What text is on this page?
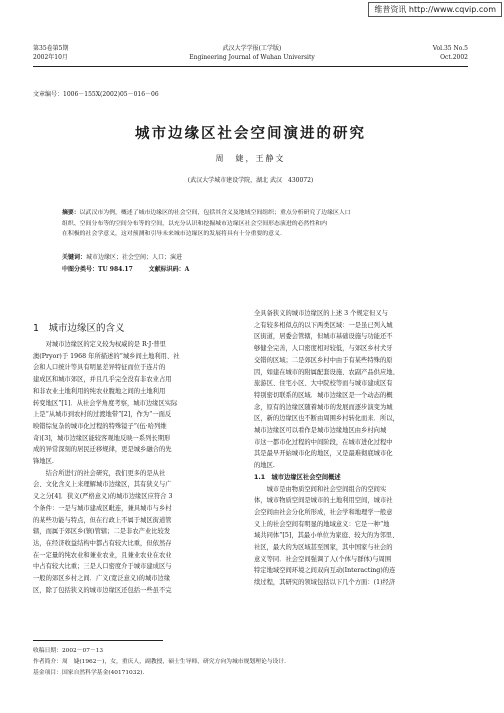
维普资讯 http://www.cqvip.com
第35卷第5期
2002年10月
武汉大学学报(工学版)
Engineering Journal of Wuhan University
Vol.35 No.5
Oct.2002
文章编号：1006－155X(2002)05－016－06
城市边缘区社会空间演进的研究
周　婕，王静文
(武汉大学城市建设学院，湖北 武汉　430072)
摘要：以武汉市为例，概述了城市边缘区的社会空间，包括其含义及地域空间组织；重点分析研究了边缘区人口
组织、空间分布等的空间分布等的空间，以充分认识和挖掘城市边缘区社会空间形态演进的必然性和内
在积极的社会学意义，这对预测和引导未来城市边缘区的发展将具有十分重要的意义.
关键词：城市边缘区；社会空间；人口；演进
中图分类号：TU 984.17	文献标识码：A
1　城市边缘区的含义
　　对城市边缘区的定义较为权威的是 R·J·普里
澳(Pryor)于 1968 年所描述的“城乡间土地利用、社
会和人口统计等具有明显差异特征而位于连片的
建成区和城市郊区，并且几乎完全没有非农业占用
和非农业土地利用的纯农业腹地之间的土地利用
转变地区”[1]．从社会学角度考察，城市边缘区实际
上是“从城市到农村的过渡地带”[2]，作为“一面反
映错综复杂的城市化过程的特殊镜子”(伍·哈列维
奇)[3]，城市边缘区能较客观地反映一系列长期形
成的异常深刻的居民迁移规律，更是城乡融合的先
锋地区.
　　结合所进行的社会研究，我们更多的是从社
会、文化含义上来理解城市边缘区，其有狭义与广
义之分[4]．狭义(严格意义)的城市边缘区应符合 3
个条件：一是与城市建成区毗连，兼具城市与乡村
的某些功能与特点，但在行政上不属于城区街道管
辖，而属于郊区乡(镇)管辖；二是非农产业比较发
达，在经济收益结构中都占有较大比重，但依然存
在一定量的纯农业和兼业农业，且兼业农业在农业
中占有较大比重；三是人口密度介于城市建成区与
一般的郊区乡村之间．广义(宽泛意义)的城市边缘
区，除了包括狭义的城市边缘区还包括一些虽不完
全具备狭义的城市边缘区的上述 3 个规定但又与
之有较多相似点的以下两类区域：一是虽已列入城
区街道，居委会管辖，但城市基础设施与功能还不
够健全完善，人口密度相对较低，与郊区乡村犬牙
交错的区域；二是郊区乡村中由于有某些特殊的原
因，如建在城市的附属配套设施、农副产品供应地、
旅游区、住宅小区、大中院校等而与城市建成区有
特别密切联系的区域．城市边缘区是一个动态的概
念，原有的边缘区随着城市的发展而逐步演变为城
区，新的边缘区也不断由周围乡村转化而来．所以，
城市边缘区可以看作是城市边缘地区由乡村向城
市这一都市化过程的中间阶段，在城市进化过程中
其是最早开始城市化的地区，又是最难彻底城市化
的地区.
1.1　城市边缘区社会空间概述
　　城市是由物质空间和社会空间组合的空间实
体，城市物质空间是城市的土地利用空间，城市社
会空间由社会分化所形成，社会学和地理学一般意
义上的社会空间有明显的地域意义：它是一种“地
域共同体”[5]，其最小单位为家庭、较大的为邻里、
社区，最大的为区域甚至国家，其中国家与社会的
意义等同．社会空间强调了人(个体与群体)与周围
特定地域空间环境之间双向互动(Interacting)的连
续过程，其研究的领域包括以下几个方面：(1)经济
收稿日期：2002－07－13
作者简介：周　婕(1962－)，女，重庆人，副教授，硕士生导师，研究方向为城市规划理论与设计.
基金项目：国家自然科学基金(40171032).
